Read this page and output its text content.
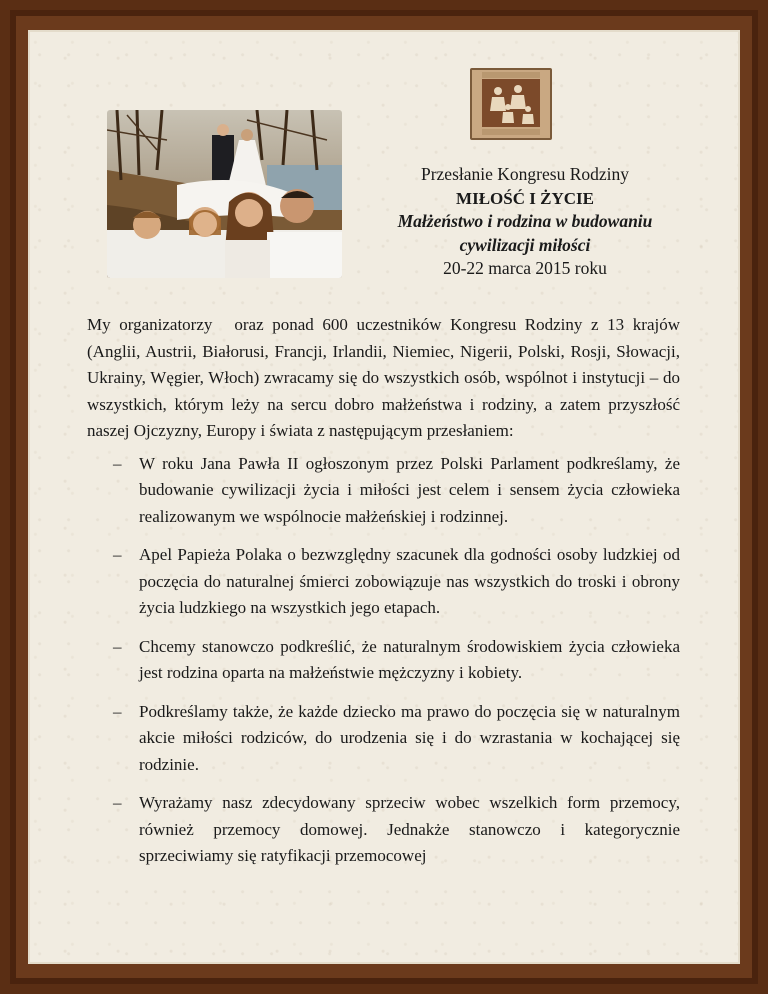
Przesłanie Kongresu Rodziny
MIŁOŚĆ I ŻYCIE
Małżeństwo i rodzina w budowaniu
cywilizacji miłości
20-22 marca 2015 roku

My organizatorzy oraz ponad 600 uczestników Kongresu Rodziny z 13 krajów (Anglii, Austrii, Białorusi, Francji, Irlandii, Niemiec, Nigerii, Polski, Rosji, Słowacji, Ukrainy, Węgier, Włoch) zwracamy się do wszystkich osób, wspólnot i instytucji – do wszystkich, którym leży na sercu dobro małżeństwa i rodziny, a zatem przyszłość naszej Ojczyzny, Europy i świata z następującym przesłaniem:

– W roku Jana Pawła II ogłoszonym przez Polski Parlament podkreślamy, że budowanie cywilizacji życia i miłości jest celem i sensem życia człowieka realizowanym we wspólnocie małżeńskiej i rodzinnej.
– Apel Papieża Polaka o bezwzględny szacunek dla godności osoby ludzkiej od poczęcia do naturalnej śmierci zobowiązuje nas wszystkich do troski i obrony życia ludzkiego na wszystkich jego etapach.
– Chcemy stanowczo podkreślić, że naturalnym środowiskiem życia człowieka jest rodzina oparta na małżeństwie mężczyzny i kobiety.
– Podkreślamy także, że każde dziecko ma prawo do poczęcia się w naturalnym akcie miłości rodziców, do urodzenia się i do wzrastania w kochającej się rodzinie.
– Wyrażamy nasz zdecydowany sprzeciw wobec wszelkich form przemocy, również przemocy domowej. Jednakże stanowczo i kategorycznie sprzeciwiamy się ratyfikacji przemocowej
